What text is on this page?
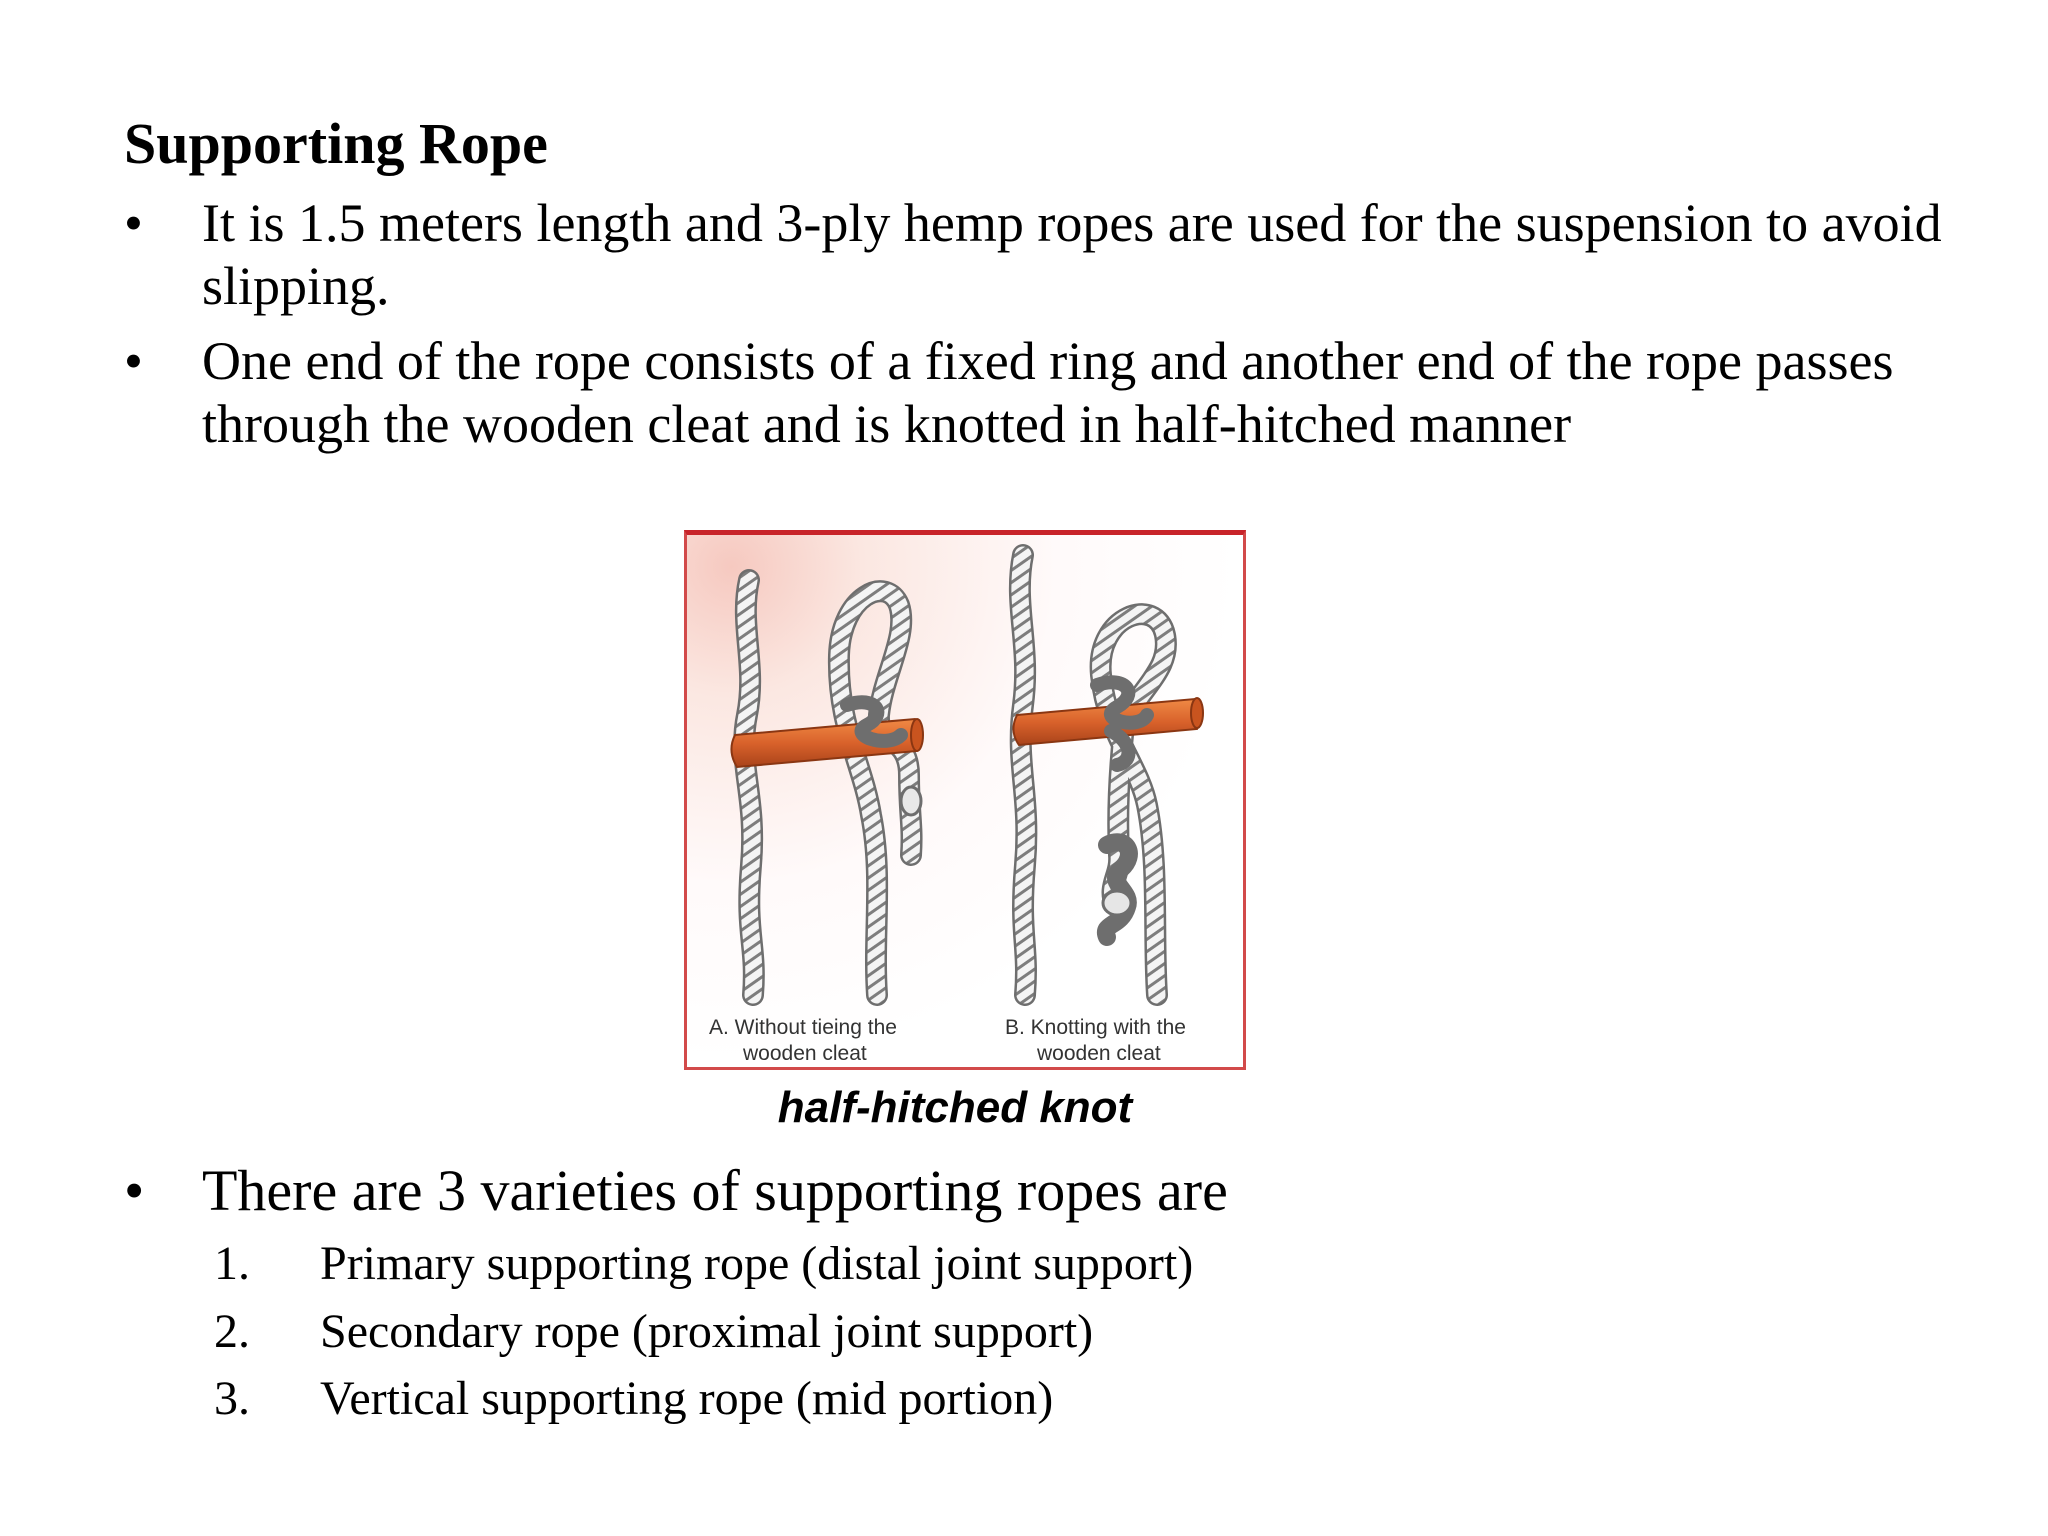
Supporting Rope
•	It is 1.5 meters length and 3-ply hemp ropes are used for the suspension to avoid slipping.
•	One end of the rope consists of a fixed ring and another end of the rope passes through the wooden cleat and is knotted in half-hitched manner
A. Without tieing the
wooden cleat
B. Knotting with the
wooden cleat
half-hitched knot
• There are 3 varieties of supporting ropes are
1.	Primary supporting rope (distal joint support)
2.	Secondary rope (proximal joint support)
3.	Vertical supporting rope (mid portion)
